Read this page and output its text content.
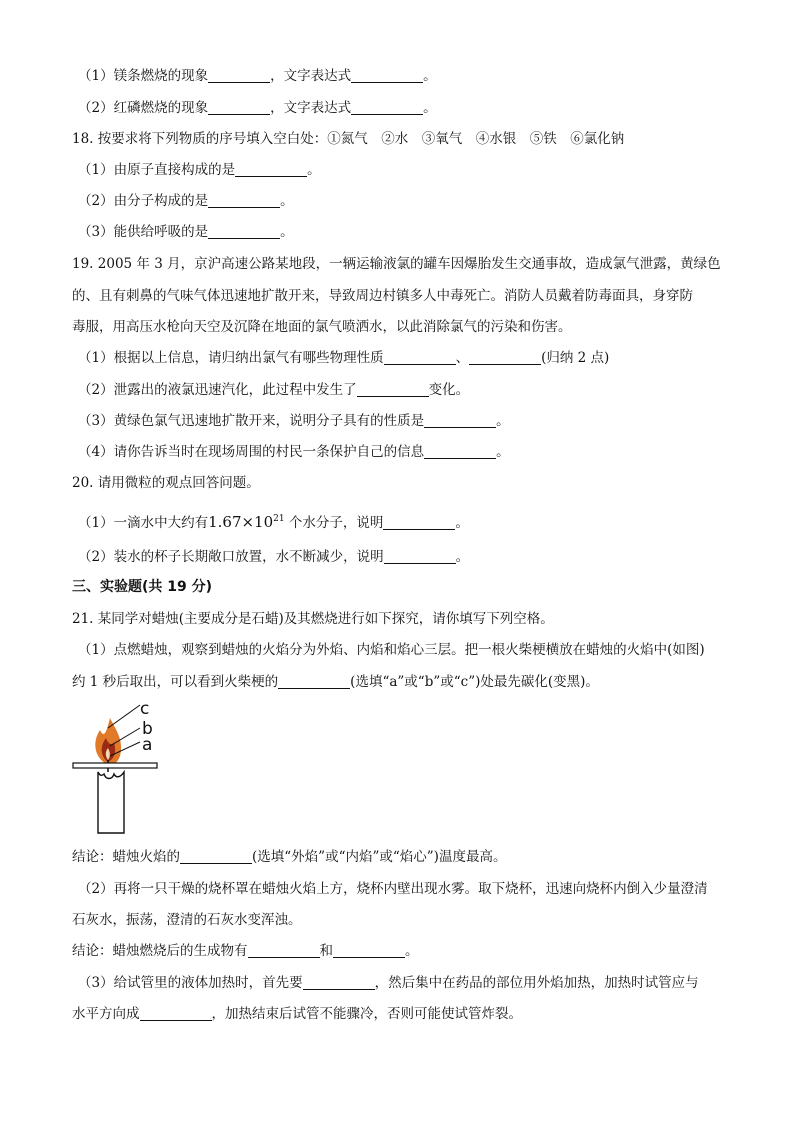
（1）镁条燃烧的现象	，文字表达式	。
（2）红磷燃烧的现象	，文字表达式	。
18. 按要求将下列物质的序号填入空白处：①氮气　②水　③氧气　④水银　⑤铁　⑥氯化钠
（1）由原子直接构成的是	。
（2）由分子构成的是	。
（3）能供给呼吸的是	。
19. 2005 年 3 月，京沪高速公路某地段，一辆运输液氯的罐车因爆胎发生交通事故，造成氯气泄露，黄绿色
的、且有刺鼻的气味气体迅速地扩散开来，导致周边村镇多人中毒死亡。消防人员戴着防毒面具，身穿防
毒服，用高压水枪向天空及沉降在地面的氯气喷洒水，以此消除氯气的污染和伤害。
（1）根据以上信息，请归纳出氯气有哪些物理性质	、	(归纳 2 点)
（2）泄露出的液氯迅速汽化，此过程中发生了	变化。
（3）黄绿色氯气迅速地扩散开来，说明分子具有的性质是	。
（4）请你告诉当时在现场周围的村民一条保护自己的信息	。
20. 请用微粒的观点回答问题。
（1）一滴水中大约有$1.67\times 10^{21}$ 个水分子，说明	。
（2）装水的杯子长期敞口放置，水不断减少，说明	。
三、实验题(共 19 分)
21. 某同学对蜡烛(主要成分是石蜡)及其燃烧进行如下探究，请你填写下列空格。
（1）点燃蜡烛，观察到蜡烛的火焰分为外焰、内焰和焰心三层。把一根火柴梗横放在蜡烛的火焰中(如图)
约 1 秒后取出，可以看到火柴梗的	(选填“a”或“b”或“c”)处最先碳化(变黑)。
c
b
a
结论：蜡烛火焰的	(选填“外焰”或“内焰”或“焰心”)温度最高。
（2）再将一只干燥的烧杯罩在蜡烛火焰上方，烧杯内壁出现水雾。取下烧杯，迅速向烧杯内倒入少量澄清
石灰水，振荡，澄清的石灰水变浑浊。
结论：蜡烛燃烧后的生成物有	和	。
（3）给试管里的液体加热时，首先要	，然后集中在药品的部位用外焰加热，加热时试管应与
水平方向成	，加热结束后试管不能骤冷，否则可能使试管炸裂。
